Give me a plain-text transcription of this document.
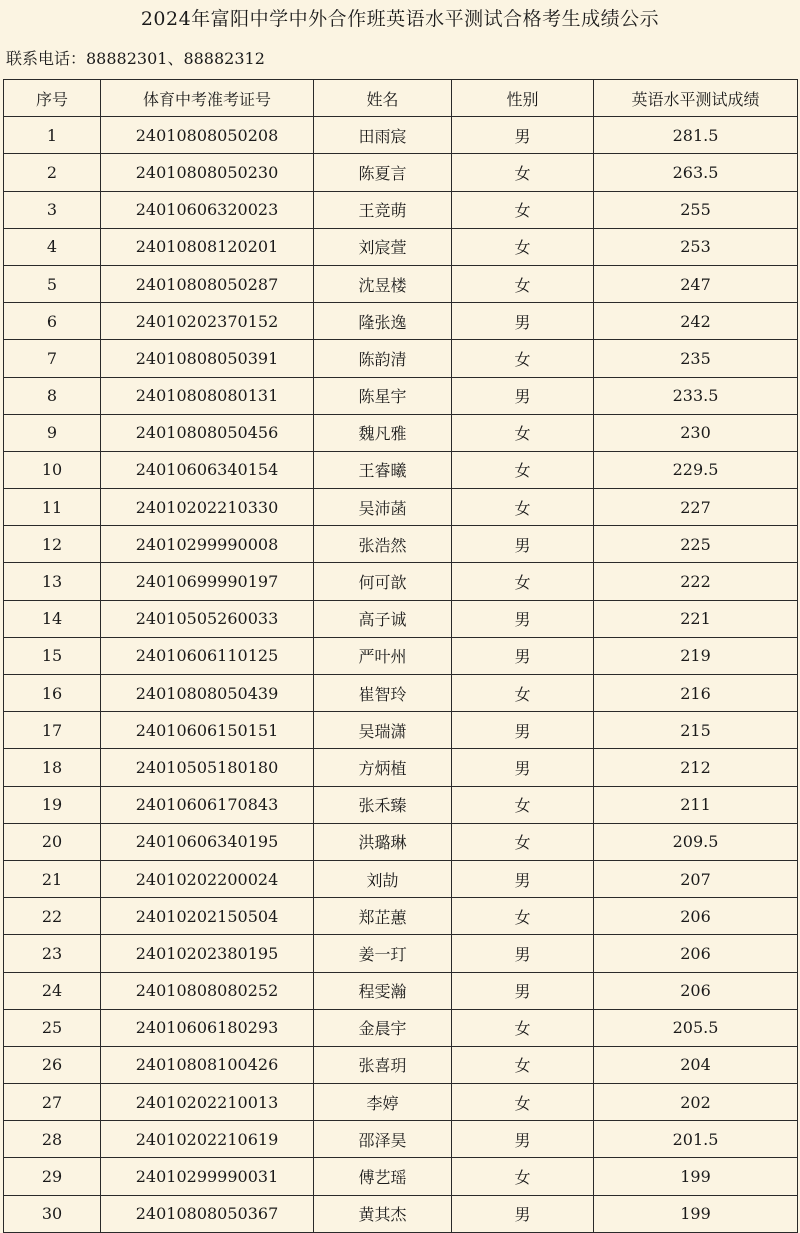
2024年富阳中学中外合作班英语水平测试合格考生成绩公示
联系电话：88882301、88882312
序号	体育中考准考证号	姓名	性别	英语水平测试成绩
1	24010808050208	田雨宸	男	281.5
2	24010808050230	陈夏言	女	263.5
3	24010606320023	王竞萌	女	255
4	24010808120201	刘宸萱	女	253
5	24010808050287	沈昱楼	女	247
6	24010202370152	隆张逸	男	242
7	24010808050391	陈韵清	女	235
8	24010808080131	陈星宇	男	233.5
9	24010808050456	魏凡雅	女	230
10	24010606340154	王睿曦	女	229.5
11	24010202210330	吴沛菡	女	227
12	24010299990008	张浩然	男	225
13	24010699990197	何可歆	女	222
14	24010505260033	高子诚	男	221
15	24010606110125	严叶州	男	219
16	24010808050439	崔智玲	女	216
17	24010606150151	吴瑞潇	男	215
18	24010505180180	方炳植	男	212
19	24010606170843	张禾臻	女	211
20	24010606340195	洪璐琳	女	209.5
21	24010202200024	刘劼	男	207
22	24010202150504	郑芷蕙	女	206
23	24010202380195	姜一玎	男	206
24	24010808080252	程雯瀚	男	206
25	24010606180293	金晨宇	女	205.5
26	24010808100426	张喜玥	女	204
27	24010202210013	李婷	女	202
28	24010202210619	邵泽昊	男	201.5
29	24010299990031	傅艺瑶	女	199
30	24010808050367	黄其杰	男	199
